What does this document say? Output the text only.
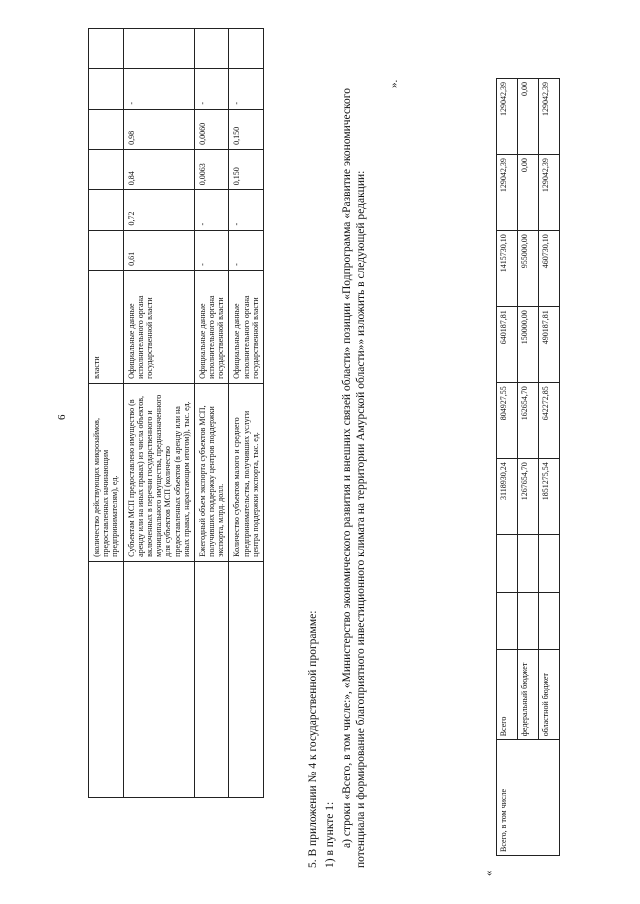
6
	(количество действующих микрозаймов, предоставленных начинающим предпринимателям), ед.	власти						
	Субъектам МСП предоставлено имущество (в аренду или на иных правах) из числа объектов, включенных в перечни государственного и муниципального имущества, предназначенного для субъектов МСП (количество предоставленных объектов (в аренду или на иных правах, нарастающим итогом)), тыс. ед.	Официальные данные исполнительного органа государственной власти	0,61	0,72	0,84	0,98	-	
	Ежегодный объем экспорта субъектов МСП, получивших поддержку центров поддержки экспорта, млрд. долл.	Официальные данные исполнительного органа государственной власти	-	-	0,0063	0,0060	-	
	Количество субъектов малого и среднего предпринимательства, получивших услуги центра поддержки экспорта, тыс. ед.	Официальные данные исполнительного органа государственной власти	-	-	0,150	0,150	-	
».
5. В приложении № 4 к государственной программе: 1) в пункте 1: а) строки «Всего, в том числе:», «Министерство экономического развития и внешних связей области» позиции «Подпрограмма «Развитие экономического потенциала и формирование благоприятного инвестиционного климата на территории Амурской области»» изложить в следующей редакции:
«
Всего, в том числе	Всего			3118930,24	804927,55	640187,81	1415730,10	129042,39	129042,39
	федеральный бюджет			1267654,70	162654,70	150000,00	955000,00	0,00	0,00
	областной бюджет			1851275,54	642272,85	490187,81	460730,10	129042,39	129042,39
